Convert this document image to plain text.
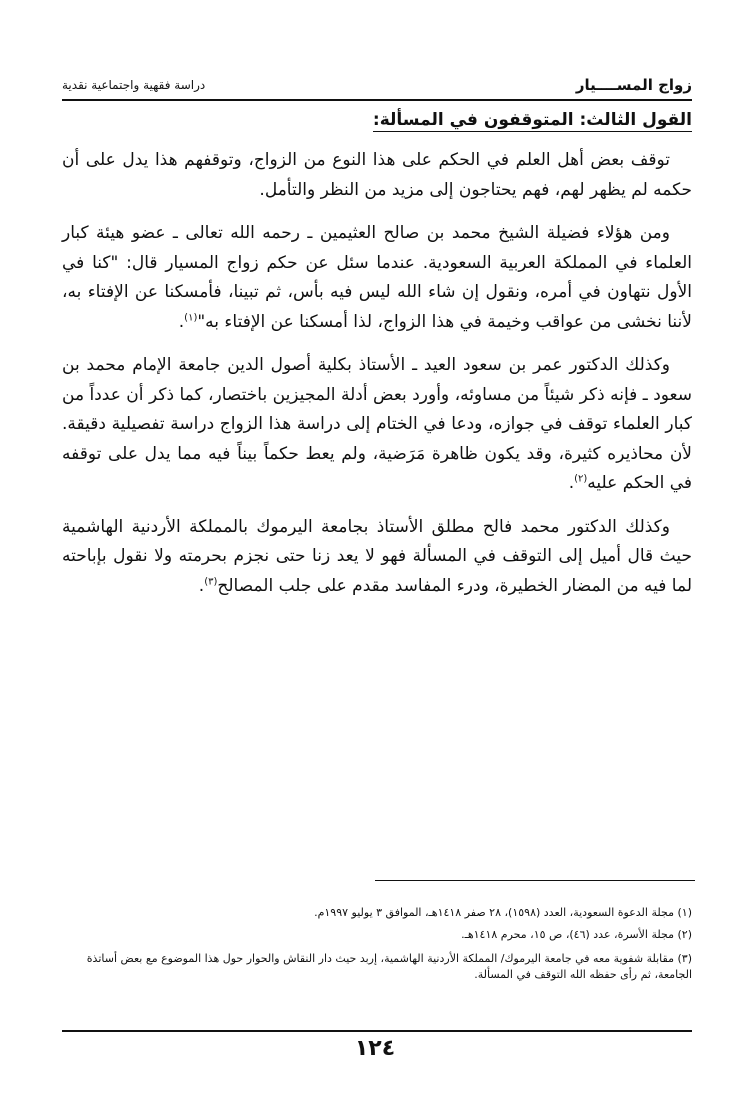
زواج المســــيار
دراسة فقهية واجتماعية نقدية
القول الثالث: المتوقفون في المسألة:

توقف بعض أهل العلم في الحكم على هذا النوع من الزواج، وتوقفهم هذا يدل على أن حكمه لم يظهر لهم، فهم يحتاجون إلى مزيد من النظر والتأمل.

ومن هؤلاء فضيلة الشيخ محمد بن صالح العثيمين ـ رحمه الله تعالى ـ عضو هيئة كبار العلماء في المملكة العربية السعودية. عندما سئل عن حكم زواج المسيار قال: "كنا في الأول نتهاون في أمره، ونقول إن شاء الله ليس فيه بأس، ثم تبينا، فأمسكنا عن الإفتاء به، لأننا نخشى من عواقب وخيمة في هذا الزواج، لذا أمسكنا عن الإفتاء به"$^{(١)}$.

وكذلك الدكتور عمر بن سعود العيد ـ الأستاذ بكلية أصول الدين جامعة الإمام محمد بن سعود ـ فإنه ذكر شيئاً من مساوئه، وأورد بعض أدلة المجيزين باختصار، كما ذكر أن عدداً من كبار العلماء توقف في جوازه، ودعا في الختام إلى دراسة هذا الزواج دراسة تفصيلية دقيقة. لأن محاذيره كثيرة، وقد يكون ظاهرة مَرَضية، ولم يعط حكماً بيناً فيه مما يدل على توقفه في الحكم عليه$^{(٢)}$.

وكذلك الدكتور محمد فالح مطلق الأستاذ بجامعة اليرموك بالمملكة الأردنية الهاشمية حيث قال أميل إلى التوقف في المسألة فهو لا يعد زنا حتى نجزم بحرمته ولا نقول بإباحته لما فيه من المضار الخطيرة، ودرء المفاسد مقدم على جلب المصالح$^{(٣)}$.

(١) مجلة الدعوة السعودية، العدد (١٥٩٨)، ٢٨ صفر ١٤١٨هـ، الموافق ٣ يوليو ١٩٩٧م.

(٢) مجلة الأسرة، عدد (٤٦)، ص ١٥، محرم ١٤١٨هـ.

(٣) مقابلة شفوية معه في جامعة اليرموك/ المملكة الأردنية الهاشمية، إربد حيث دار النقاش والحوار حول هذا الموضوع مع بعض أساتذة الجامعة، ثم رأى حفظه الله التوقف في المسألة.

١٢٤
